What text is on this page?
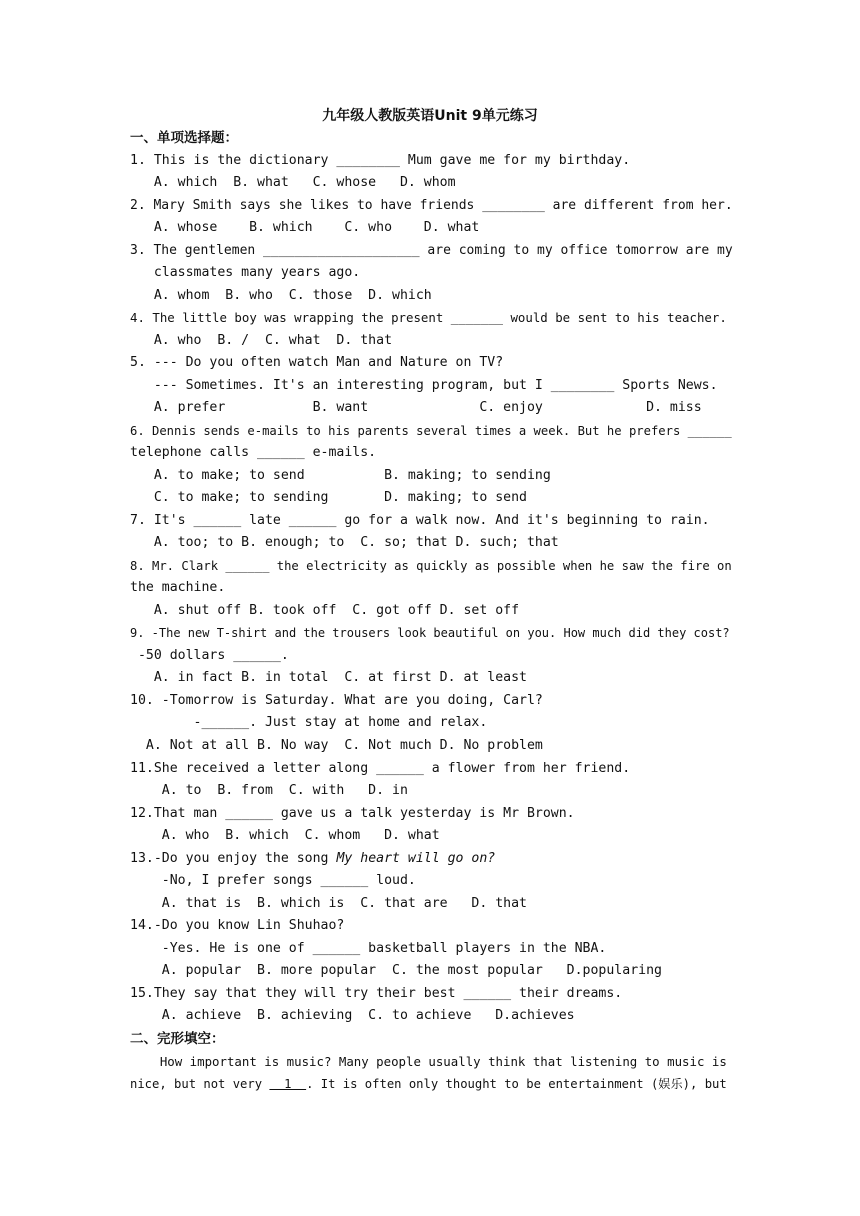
九年级人教版英语Unit 9单元练习
一、单项选择题：
1. This is the dictionary ________ Mum gave me for my birthday.
A. which  B. what   C. whose   D. whom
2. Mary Smith says she likes to have friends ________ are different from her.
A. whose    B. which    C. who    D. what
3. The gentlemen ____________________ are coming to my office tomorrow are my
classmates many years ago.
A. whom  B. who  C. those  D. which
4. The little boy was wrapping the present _______ would be sent to his teacher.
A. who  B. /  C. what  D. that
5. --- Do you often watch Man and Nature on TV?
--- Sometimes. It's an interesting program, but I ________ Sports News.
A. prefer           B. want              C. enjoy             D. miss
6. Dennis sends e-mails to his parents several times a week. But he prefers ______
telephone calls ______ e-mails.
A. to make; to send          B. making; to sending
C. to make; to sending       D. making; to send
7. It's ______ late ______ go for a walk now. And it's beginning to rain.
A. too; to B. enough; to  C. so; that D. such; that
8. Mr. Clark ______ the electricity as quickly as possible when he saw the fire on
the machine.
A. shut off B. took off  C. got off D. set off
9. -The new T-shirt and the trousers look beautiful on you. How much did they cost?
-50 dollars ______.
A. in fact B. in total  C. at first D. at least
10. -Tomorrow is Saturday. What are you doing, Carl?
-______. Just stay at home and relax.
A. Not at all B. No way  C. Not much D. No problem
11.She received a letter along ______ a flower from her friend.
A. to  B. from  C. with   D. in
12.That man ______ gave us a talk yesterday is Mr Brown.
A. who  B. which  C. whom   D. what
13.-Do you enjoy the song My heart will go on?
-No, I prefer songs ______ loud.
A. that is  B. which is  C. that are   D. that
14.-Do you know Lin Shuhao?
-Yes. He is one of ______ basketball players in the NBA.
A. popular  B. more popular  C. the most popular   D.popularing
15.They say that they will try their best ______ their dreams.
A. achieve  B. achieving  C. to achieve   D.achieves
二、完形填空：
How important is music? Many people usually think that listening to music is
nice, but not very   1  . It is often only thought to be entertainment (娱乐), but
